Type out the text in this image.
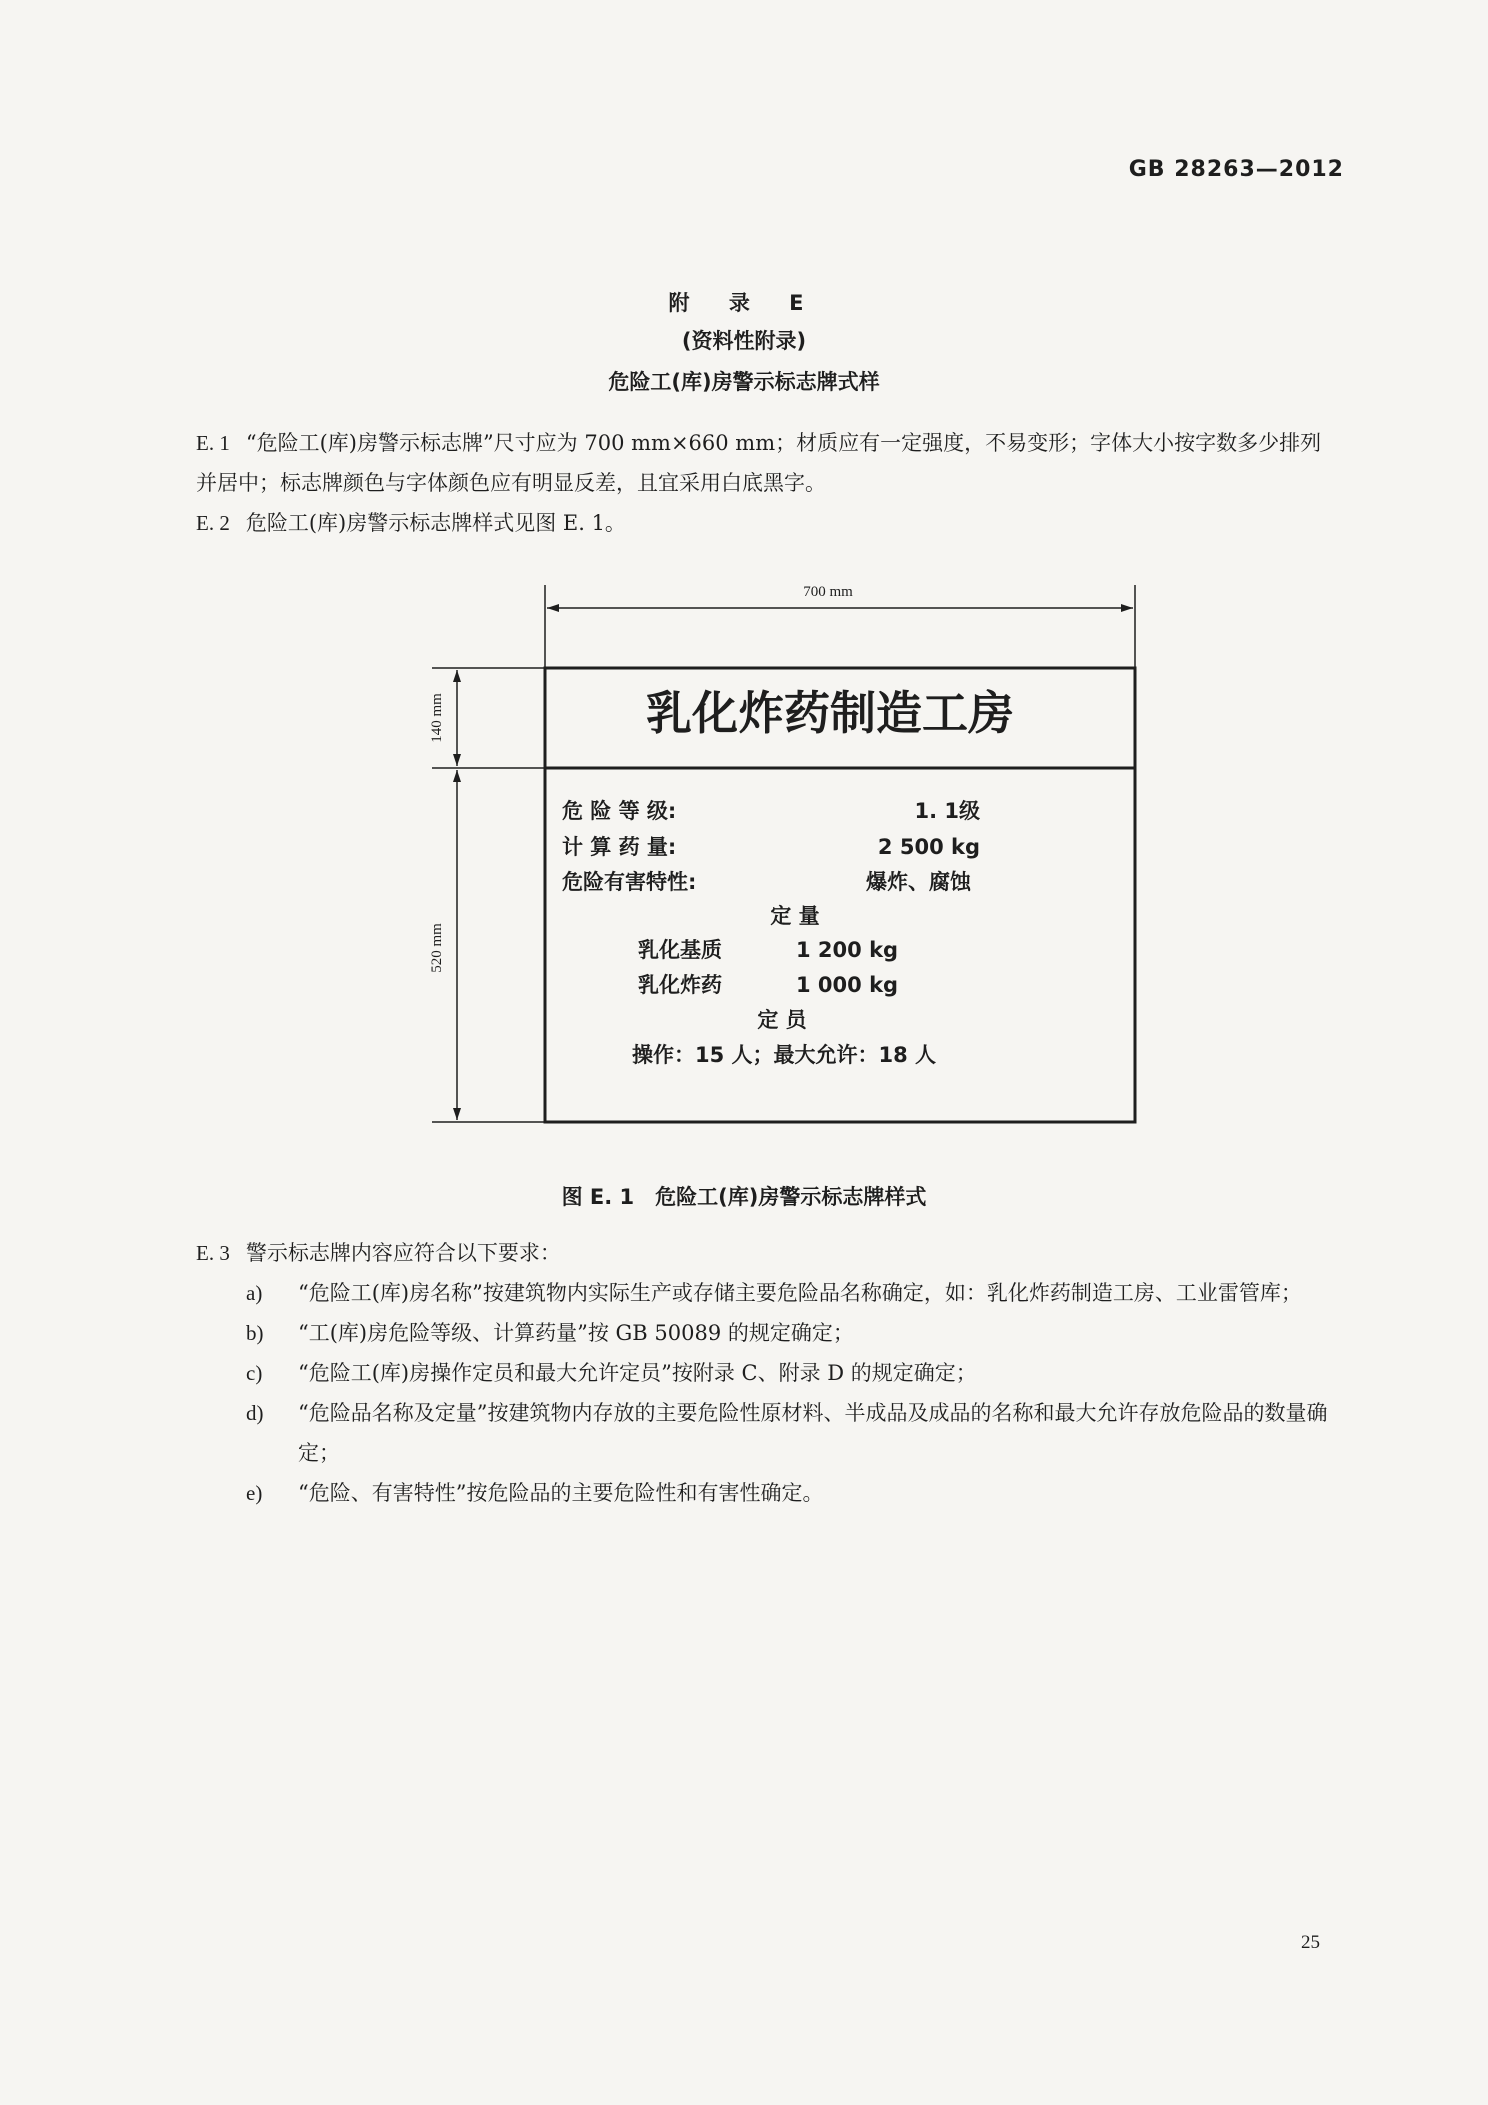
GB 28263—2012
附 录 E
(资料性附录)
危险工(库)房警示标志牌式样
E. 1 “危险工(库)房警示标志牌”尺寸应为 700 mm×660 mm；材质应有一定强度，不易变形；字体大小按字数多少排列并居中；标志牌颜色与字体颜色应有明显反差，且宜采用白底黑字。
E. 2 危险工(库)房警示标志牌样式见图 E. 1。
700 mm
140 mm
520 mm
乳化炸药制造工房
危 险 等 级:	1. 1级
计 算 药 量:	2 500 kg
危险有害特性:	爆炸、腐蚀
定 量
乳化基质	1 200 kg
乳化炸药	1 000 kg
定 员
操作：15 人；最大允许：18 人
图 E. 1　危险工(库)房警示标志牌样式
E. 3 警示标志牌内容应符合以下要求：
a) “危险工(库)房名称”按建筑物内实际生产或存储主要危险品名称确定，如：乳化炸药制造工房、工业雷管库；
b) “工(库)房危险等级、计算药量”按 GB 50089 的规定确定；
c) “危险工(库)房操作定员和最大允许定员”按附录 C、附录 D 的规定确定；
d) “危险品名称及定量”按建筑物内存放的主要危险性原材料、半成品及成品的名称和最大允许存放危险品的数量确定；
e) “危险、有害特性”按危险品的主要危险性和有害性确定。
25
